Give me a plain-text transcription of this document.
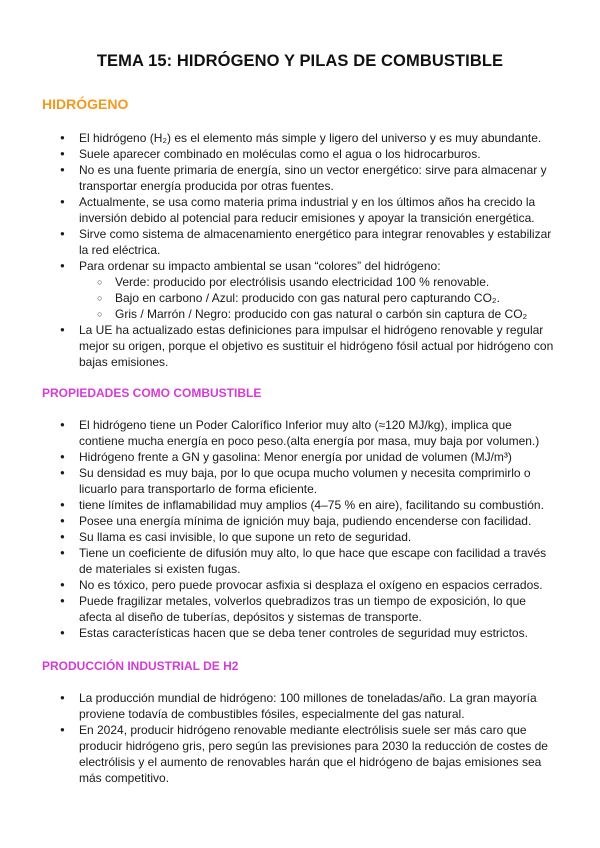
TEMA 15: HIDRÓGENO Y PILAS DE COMBUSTIBLE
HIDRÓGENO
● El hidrógeno (H₂) es el elemento más simple y ligero del universo y es muy abundante.
● Suele aparecer combinado en moléculas como el agua o los hidrocarburos.
● No es una fuente primaria de energía, sino un vector energético: sirve para almacenar y transportar energía producida por otras fuentes.
● Actualmente, se usa como materia prima industrial y en los últimos años ha crecido la inversión debido al potencial para reducir emisiones y apoyar la transición energética.
● Sirve como sistema de almacenamiento energético para integrar renovables y estabilizar la red eléctrica.
● Para ordenar su impacto ambiental se usan “colores” del hidrógeno:
○ Verde: producido por electrólisis usando electricidad 100 % renovable.
○ Bajo en carbono / Azul: producido con gas natural pero capturando CO₂.
○ Gris / Marrón / Negro: producido con gas natural o carbón sin captura de CO₂
● La UE ha actualizado estas definiciones para impulsar el hidrógeno renovable y regular mejor su origen, porque el objetivo es sustituir el hidrógeno fósil actual por hidrógeno con bajas emisiones.
PROPIEDADES COMO COMBUSTIBLE
● El hidrógeno tiene un Poder Calorífico Inferior muy alto (≈120 MJ/kg), implica que contiene mucha energía en poco peso.(alta energía por masa, muy baja por volumen.)
● Hidrógeno frente a GN y gasolina: Menor energía por unidad de volumen (MJ/m³)
● Su densidad es muy baja, por lo que ocupa mucho volumen y necesita comprimirlo o licuarlo para transportarlo de forma eficiente.
● tiene límites de inflamabilidad muy amplios (4–75 % en aire), facilitando su combustión.
● Posee una energía mínima de ignición muy baja, pudiendo encenderse con facilidad.
● Su llama es casi invisible, lo que supone un reto de seguridad.
● Tiene un coeficiente de difusión muy alto, lo que hace que escape con facilidad a través de materiales si existen fugas.
● No es tóxico, pero puede provocar asfixia si desplaza el oxígeno en espacios cerrados.
● Puede fragilizar metales, volverlos quebradizos tras un tiempo de exposición, lo que afecta al diseño de tuberías, depósitos y sistemas de transporte.
● Estas características hacen que se deba tener controles de seguridad muy estrictos.
PRODUCCIÓN INDUSTRIAL DE H2
● La producción mundial de hidrógeno: 100 millones de toneladas/año. La gran mayoría proviene todavía de combustibles fósiles, especialmente del gas natural.
● En 2024, producir hidrógeno renovable mediante electrólisis suele ser más caro que producir hidrógeno gris, pero según las previsiones para 2030 la reducción de costes de electrólisis y el aumento de renovables harán que el hidrógeno de bajas emisiones sea más competitivo.
